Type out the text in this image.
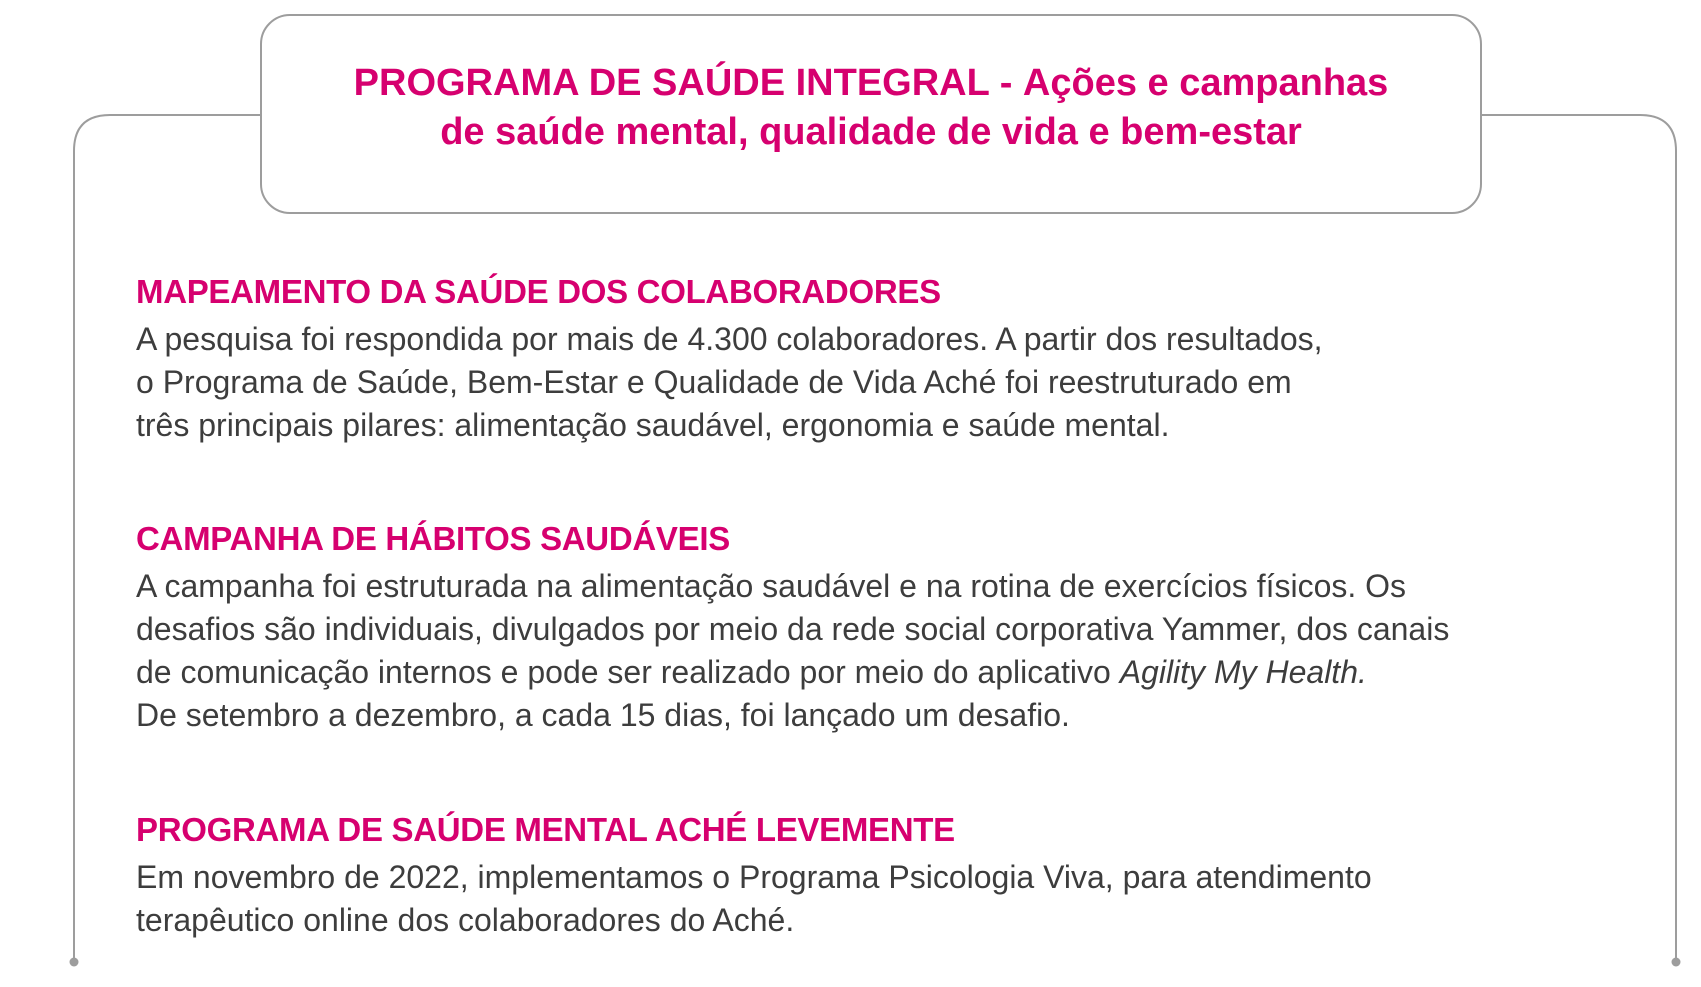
PROGRAMA DE SAÚDE INTEGRAL - Ações e campanhas
de saúde mental, qualidade de vida e bem-estar
MAPEAMENTO DA SAÚDE DOS COLABORADORES

A pesquisa foi respondida por mais de 4.300 colaboradores. A partir dos resultados,
o Programa de Saúde, Bem-Estar e Qualidade de Vida Aché foi reestruturado em
três principais pilares: alimentação saudável, ergonomia e saúde mental.

CAMPANHA DE HÁBITOS SAUDÁVEIS

A campanha foi estruturada na alimentação saudável e na rotina de exercícios físicos. Os
desafios são individuais, divulgados por meio da rede social corporativa Yammer, dos canais
de comunicação internos e pode ser realizado por meio do aplicativo Agility My Health.
De setembro a dezembro, a cada 15 dias, foi lançado um desafio.

PROGRAMA DE SAÚDE MENTAL ACHÉ LEVEMENTE

Em novembro de 2022, implementamos o Programa Psicologia Viva, para atendimento
terapêutico online dos colaboradores do Aché.
